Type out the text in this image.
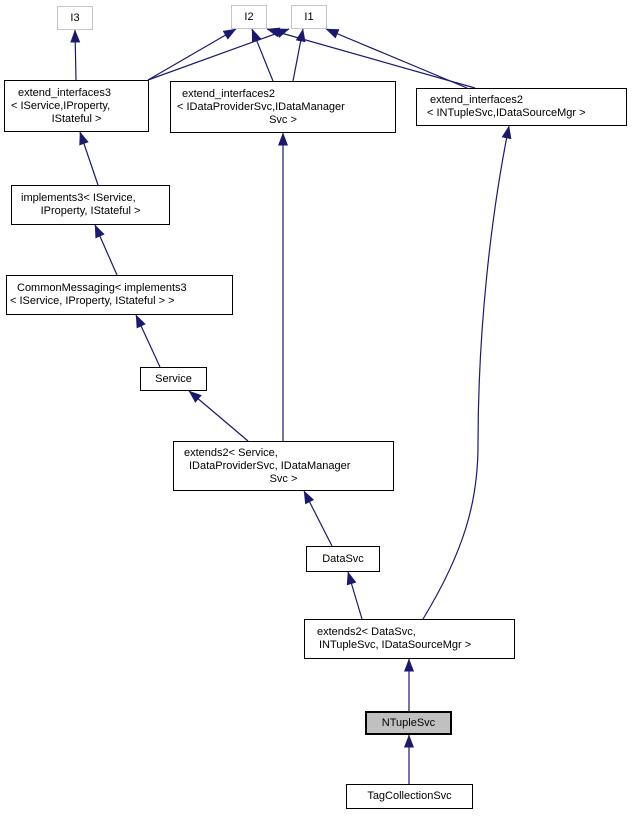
I3	I2	I1
extend_interfaces3
< IService,IProperty,
IStateful >
extend_interfaces2
< IDataProviderSvc,IDataManager
Svc >
extend_interfaces2
< INTupleSvc,IDataSourceMgr >
implements3< IService,
IProperty, IStateful >
CommonMessaging< implements3
< IService, IProperty, IStateful > >
Service
extends2< Service,
IDataProviderSvc, IDataManager
Svc >
DataSvc
extends2< DataSvc,
INTupleSvc, IDataSourceMgr >
NTupleSvc
TagCollectionSvc
